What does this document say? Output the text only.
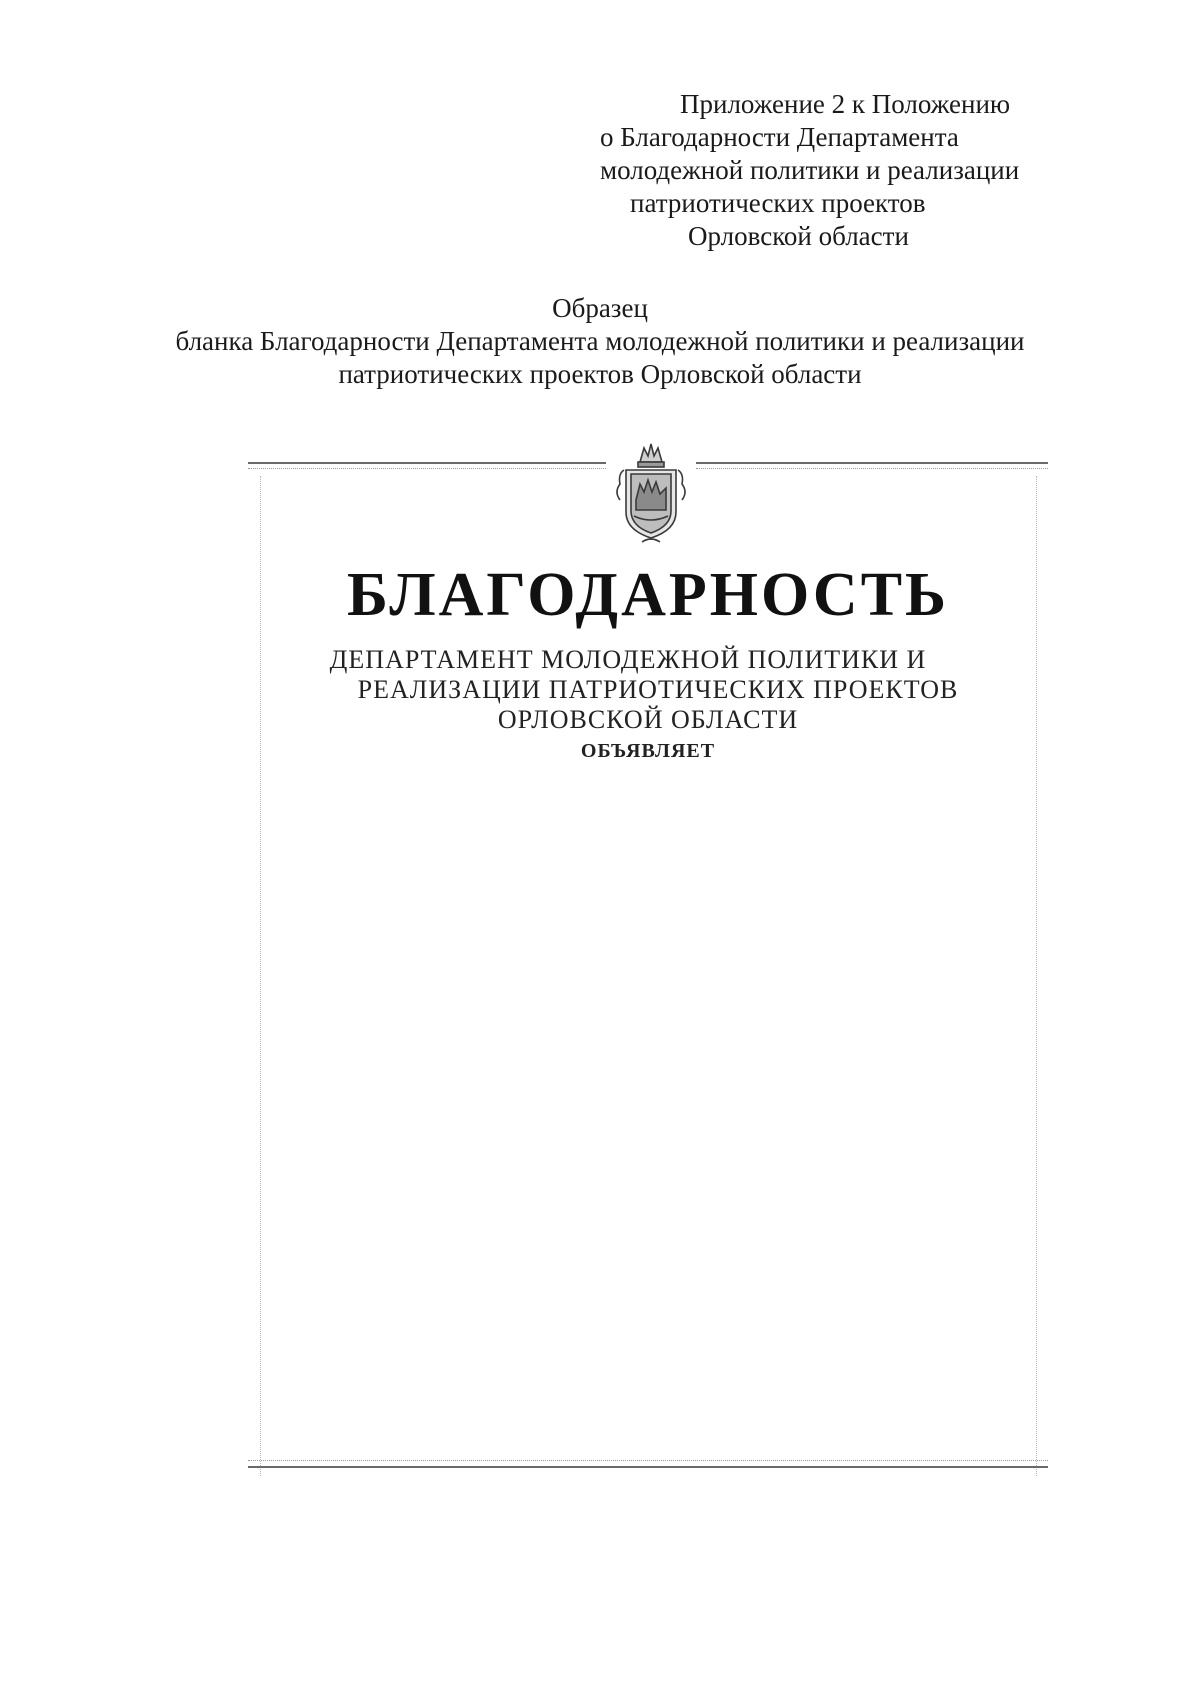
Приложение 2 к Положению
о Благодарности Департамента
молодежной политики и реализации
патриотических проектов
Орловской области
Образец
бланка Благодарности Департамента молодежной политики и реализации
патриотических проектов Орловской области
БЛАГОДАРНОСТЬ
ДЕПАРТАМЕНТ МОЛОДЕЖНОЙ ПОЛИТИКИ И
РЕАЛИЗАЦИИ ПАТРИОТИЧЕСКИХ ПРОЕКТОВ
ОРЛОВСКОЙ ОБЛАСТИ
ОБЪЯВЛЯЕТ
